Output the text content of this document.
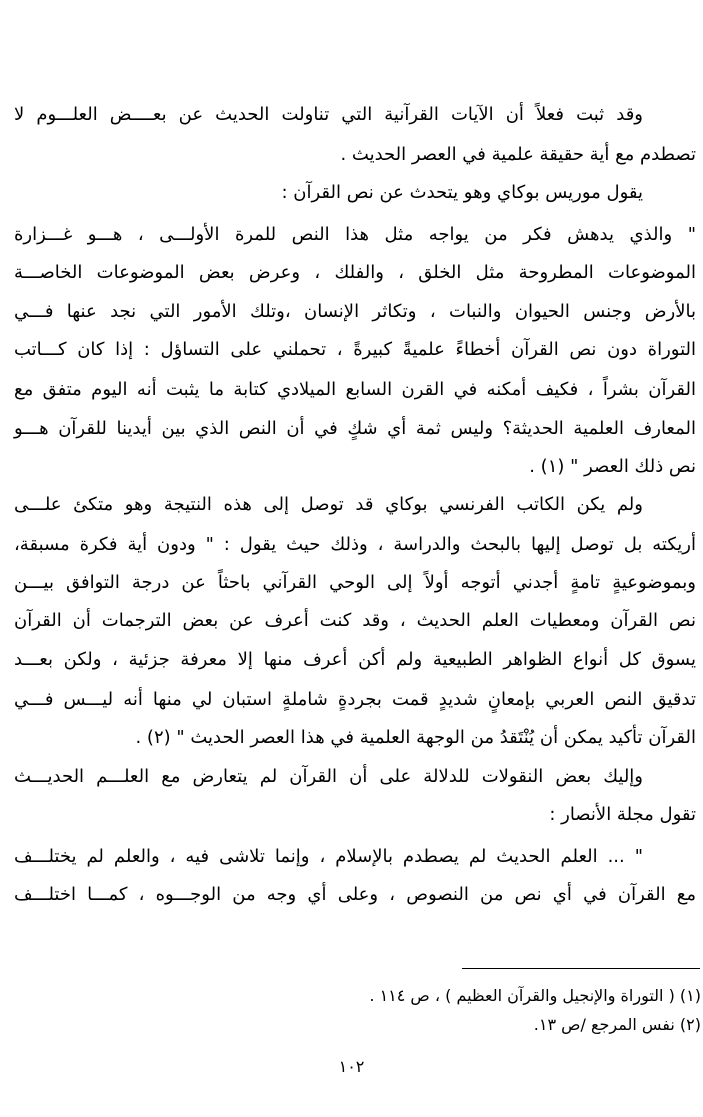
وقد ثبت فعلاً أن الآيات القرآنية التي تناولت الحديث عن بعــــض العلـــوم لا
تصطدم مع أية حقيقة علمية في العصر الحديث .
يقول موريس بوكاي وهو يتحدث عن نص القرآن :
" والذي يدهش فكر من يواجه مثل هذا النص للمرة الأولـــى ، هـــو غـــزارة
الموضوعات المطروحة مثل الخلق ، والفلك ، وعرض بعض الموضوعات الخاصـــة
بالأرض وجنس الحيوان والنبات ، وتكاثر الإنسان ،وتلك الأمور التي نجد عنها فـــي
التوراة دون نص القرآن أخطاءً علميةً كبيرةً ، تحملني على التساؤل : إذا كان كـــاتب
القرآن بشراً ، فكيف أمكنه في القرن السابع الميلادي كتابة ما يثبت أنه اليوم متفق مع
المعارف العلمية الحديثة؟ وليس ثمة أي شكٍ في أن النص الذي بين أيدينا للقرآن هـــو
نص ذلك العصر " (١) .
ولم يكن الكاتب الفرنسي بوكاي قد توصل إلى هذه النتيجة وهو متكئ علـــى
أريكته بل توصل إليها بالبحث والدراسة ، وذلك حيث يقول : " ودون أية فكرة مسبقة،
وبموضوعيةٍ تامةٍ أجدني أتوجه أولاً إلى الوحي القرآني باحثاً عن درجة التوافق بيـــن
نص القرآن ومعطيات العلم الحديث ، وقد كنت أعرف عن بعض الترجمات أن القرآن
يسوق كل أنواع الظواهر الطبيعية ولم أكن أعرف منها إلا معرفة جزئية ، ولكن بعـــد
تدقيق النص العربي بإمعانٍ شديدٍ قمت بجردةٍ شاملةٍ استبان لي منها أنه ليـــس فـــي
القرآن تأكيد يمكن أن يُنْتَقدُ من الوجهة العلمية في هذا العصر الحديث " (٢) .
وإليك بعض النقولات للدلالة على أن القرآن لم يتعارض مع العلـــم الحديـــث
تقول مجلة الأنصار :
" ... العلم الحديث لم يصطدم بالإسلام ، وإنما تلاشى فيه ، والعلم لم يختلـــف
مع القرآن في أي نص من النصوص ، وعلى أي وجه من الوجـــوه ، كمـــا اختلـــف
(١) ( التوراة والإنجيل والقرآن العظيم ) ، ص ١١٤ .
(٢) نفس المرجع /ص ١٣.
١٠٢
